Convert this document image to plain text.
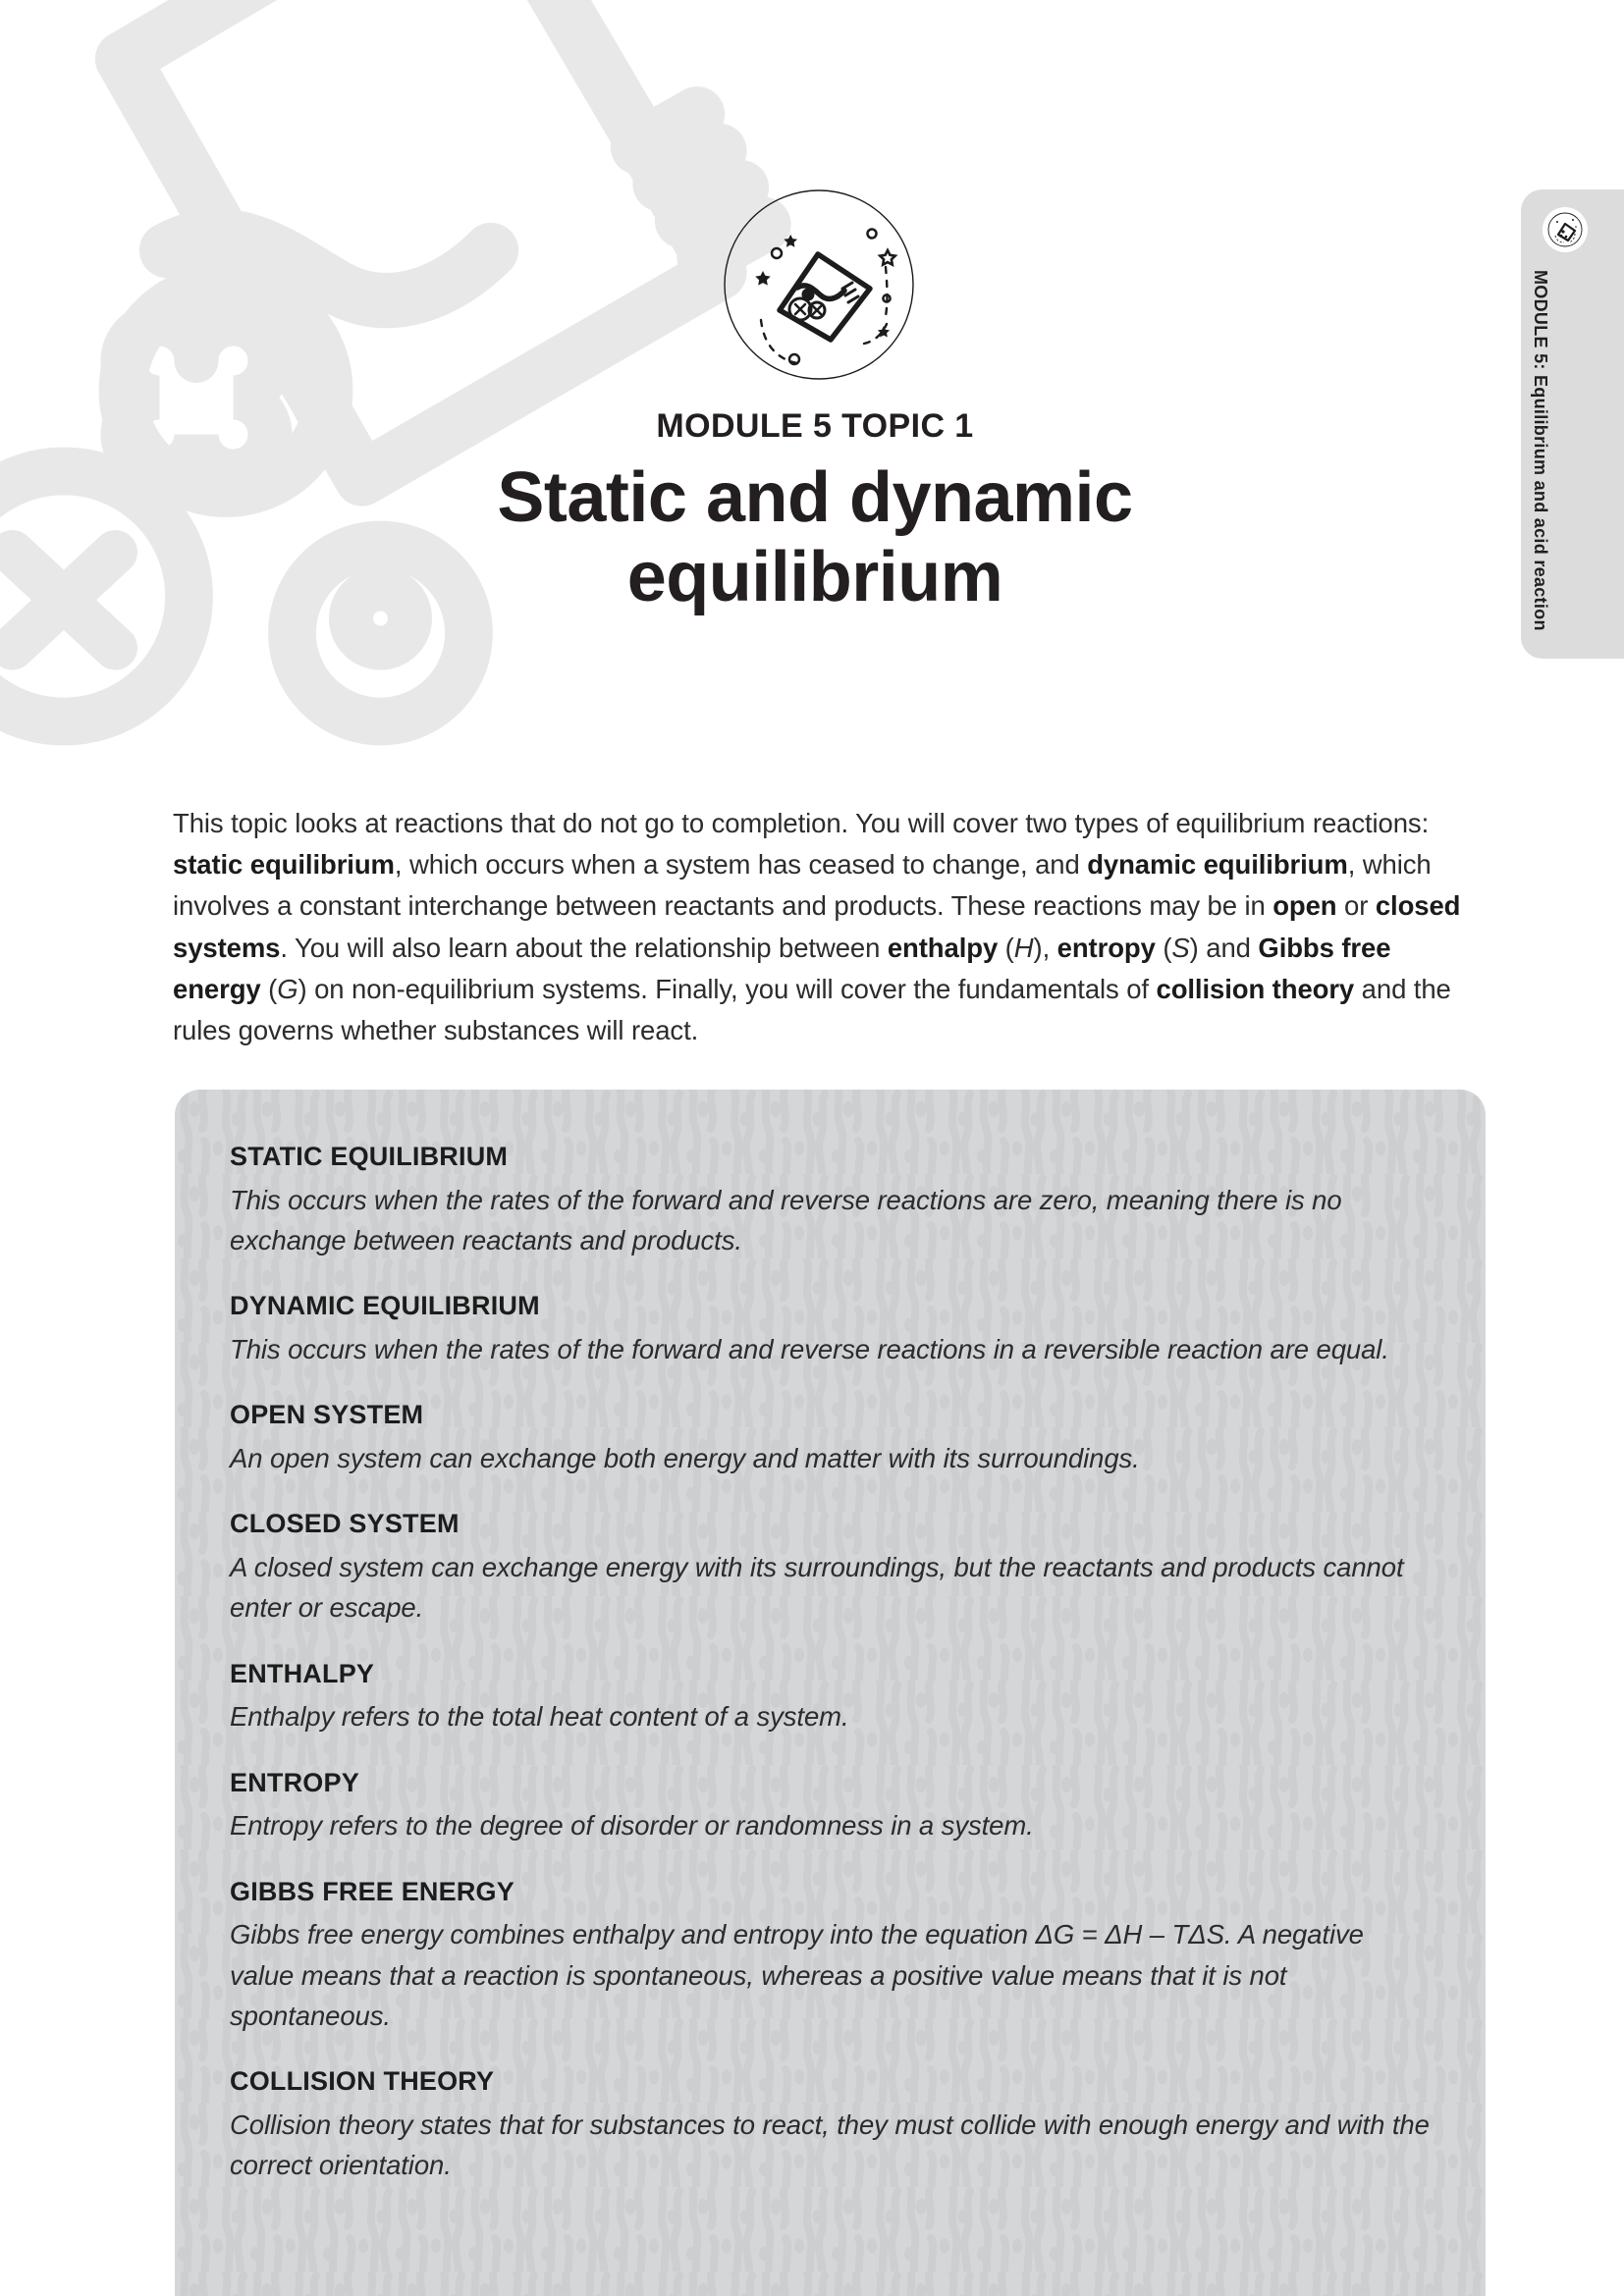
MODULE 5 TOPIC 1
Static and dynamic
equilibrium

This topic looks at reactions that do not go to completion. You will cover two types of equilibrium reactions: static equilibrium, which occurs when a system has ceased to change, and dynamic equilibrium, which involves a constant interchange between reactants and products. These reactions may be in open or closed systems. You will also learn about the relationship between enthalpy (H), entropy (S) and Gibbs free energy (G) on non-equilibrium systems. Finally, you will cover the fundamentals of collision theory and the rules governs whether substances will react.

STATIC EQUILIBRIUM
This occurs when the rates of the forward and reverse reactions are zero, meaning there is no exchange between reactants and products.
DYNAMIC EQUILIBRIUM
This occurs when the rates of the forward and reverse reactions in a reversible reaction are equal.
OPEN SYSTEM
An open system can exchange both energy and matter with its surroundings.
CLOSED SYSTEM
A closed system can exchange energy with its surroundings, but the reactants and products cannot enter or escape.
ENTHALPY
Enthalpy refers to the total heat content of a system.
ENTROPY
Entropy refers to the degree of disorder or randomness in a system.
GIBBS FREE ENERGY
Gibbs free energy combines enthalpy and entropy into the equation ΔG = ΔH – TΔS. A negative value means that a reaction is spontaneous, whereas a positive value means that it is not spontaneous.
COLLISION THEORY
Collision theory states that for substances to react, they must collide with enough energy and with the correct orientation.
MODULE 5: Equilibrium and acid reaction
